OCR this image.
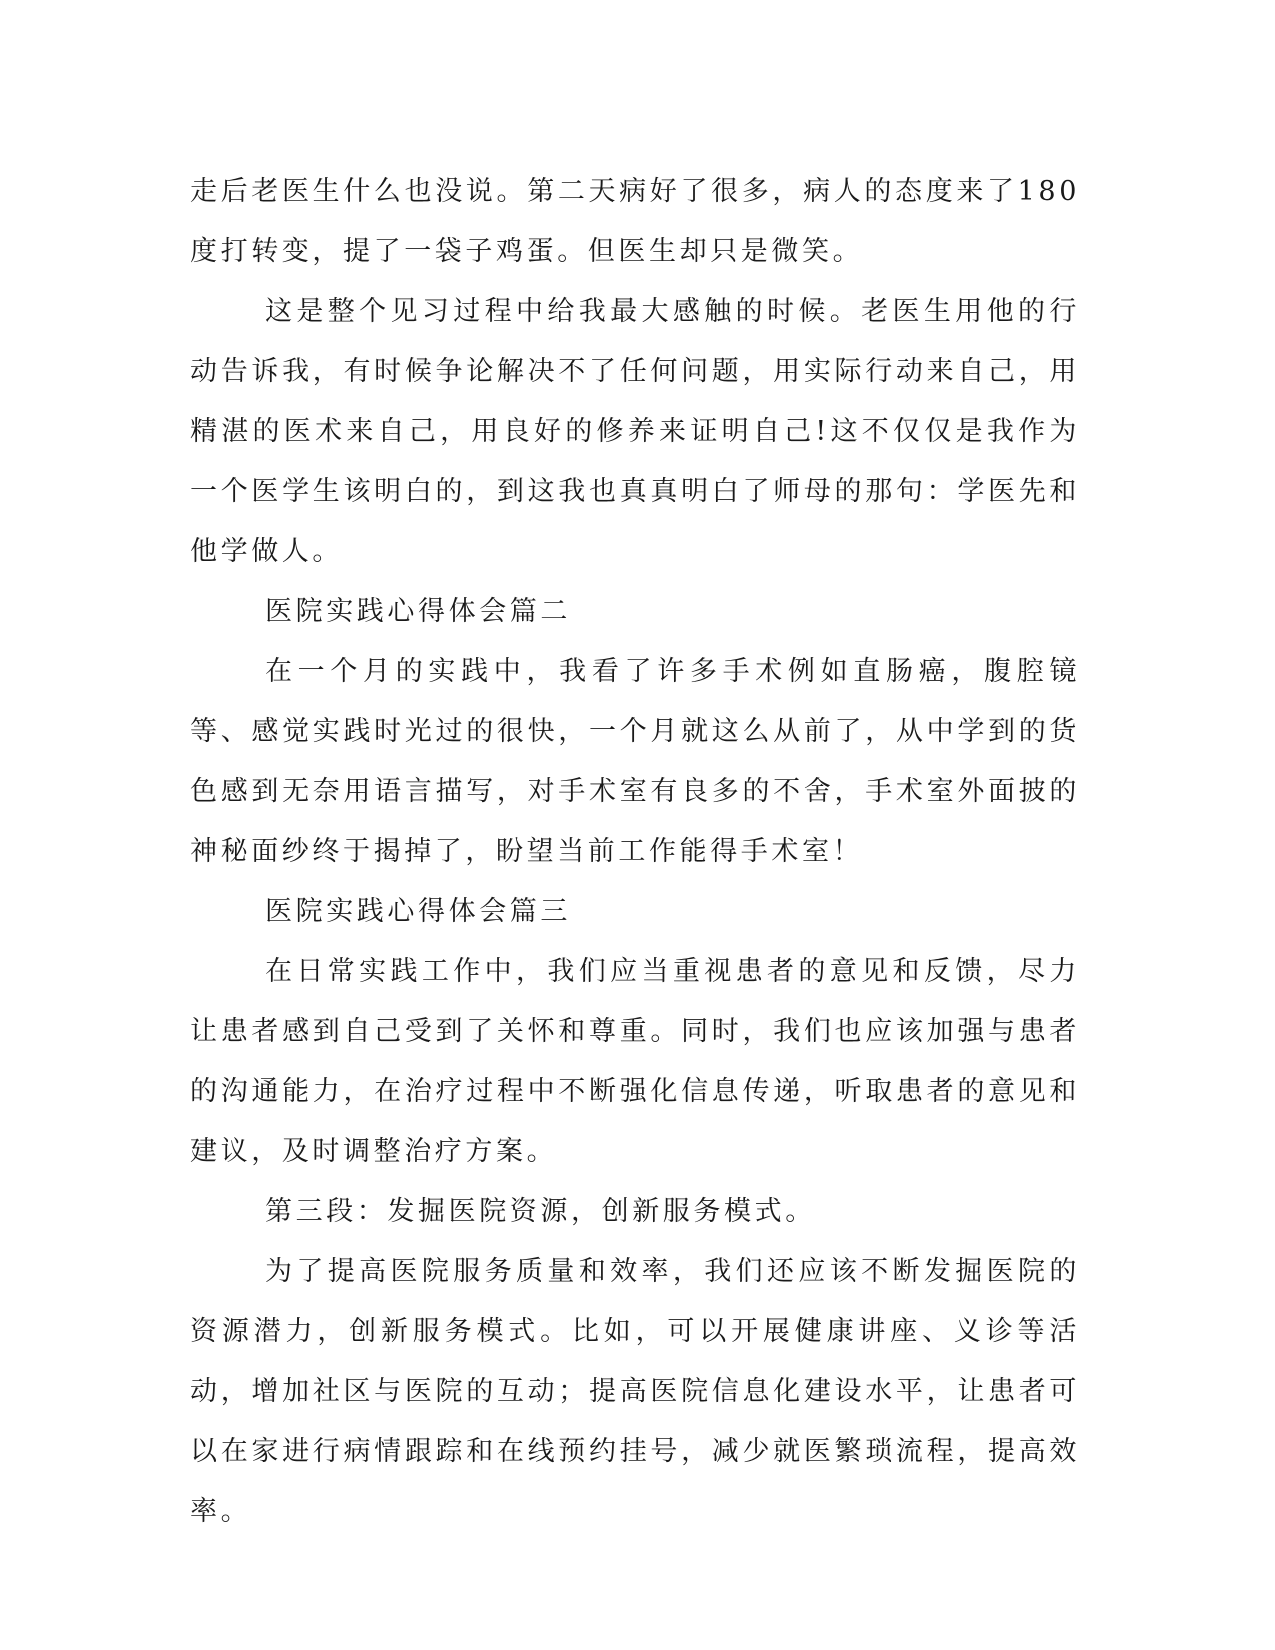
走后老医生什么也没说。第二天病好了很多，病人的态度来了180度打转变，提了一袋子鸡蛋。但医生却只是微笑。

这是整个见习过程中给我最大感触的时候。老医生用他的行动告诉我，有时候争论解决不了任何问题，用实际行动来自己，用精湛的医术来自己，用良好的修养来证明自己!这不仅仅是我作为一个医学生该明白的，到这我也真真明白了师母的那句：学医先和他学做人。

医院实践心得体会篇二

在一个月的实践中，我看了许多手术例如直肠癌，腹腔镜等、感觉实践时光过的很快，一个月就这么从前了，从中学到的货色感到无奈用语言描写，对手术室有良多的不舍，手术室外面披的神秘面纱终于揭掉了，盼望当前工作能得手术室！

医院实践心得体会篇三

在日常实践工作中，我们应当重视患者的意见和反馈，尽力让患者感到自己受到了关怀和尊重。同时，我们也应该加强与患者的沟通能力，在治疗过程中不断强化信息传递，听取患者的意见和建议，及时调整治疗方案。

第三段：发掘医院资源，创新服务模式。

为了提高医院服务质量和效率，我们还应该不断发掘医院的资源潜力，创新服务模式。比如，可以开展健康讲座、义诊等活动，增加社区与医院的互动；提高医院信息化建设水平，让患者可以在家进行病情跟踪和在线预约挂号，减少就医繁琐流程，提高效率。
